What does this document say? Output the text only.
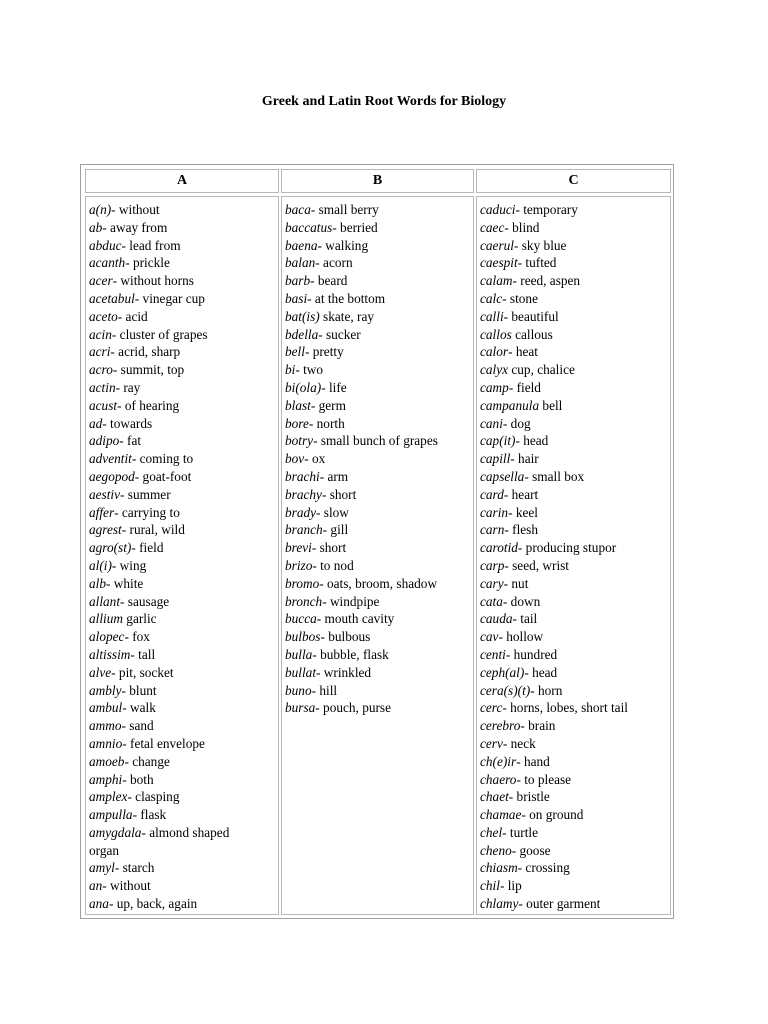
Greek and Latin Root Words for Biology
A	B	C
a(n)- without
ab- away from
abduc- lead from
acanth- prickle
acer- without horns
acetabul- vinegar cup
aceto- acid
acin- cluster of grapes
acri- acrid, sharp
acro- summit, top
actin- ray
acust- of hearing
ad- towards
adipo- fat
adventit- coming to
aegopod- goat-foot
aestiv- summer
affer- carrying to
agrest- rural, wild
agro(st)- field
al(i)- wing
alb- white
allant- sausage
allium garlic
alopec- fox
altissim- tall
alve- pit, socket
ambly- blunt
ambul- walk
ammo- sand
amnio- fetal envelope
amoeb- change
amphi- both
amplex- clasping
ampulla- flask
amygdala- almond shaped
organ
amyl- starch
an- without
ana- up, back, again
baca- small berry
baccatus- berried
baena- walking
balan- acorn
barb- beard
basi- at the bottom
bat(is) skate, ray
bdella- sucker
bell- pretty
bi- two
bi(ola)- life
blast- germ
bore- north
botry- small bunch of grapes
bov- ox
brachi- arm
brachy- short
brady- slow
branch- gill
brevi- short
brizo- to nod
bromo- oats, broom, shadow
bronch- windpipe
bucca- mouth cavity
bulbos- bulbous
bulla- bubble, flask
bullat- wrinkled
buno- hill
bursa- pouch, purse
caduci- temporary
caec- blind
caerul- sky blue
caespit- tufted
calam- reed, aspen
calc- stone
calli- beautiful
callos callous
calor- heat
calyx cup, chalice
camp- field
campanula bell
cani- dog
cap(it)- head
capill- hair
capsella- small box
card- heart
carin- keel
carn- flesh
carotid- producing stupor
carp- seed, wrist
cary- nut
cata- down
cauda- tail
cav- hollow
centi- hundred
ceph(al)- head
cera(s)(t)- horn
cerc- horns, lobes, short tail
cerebro- brain
cerv- neck
ch(e)ir- hand
chaero- to please
chaet- bristle
chamae- on ground
chel- turtle
cheno- goose
chiasm- crossing
chil- lip
chlamy- outer garment
